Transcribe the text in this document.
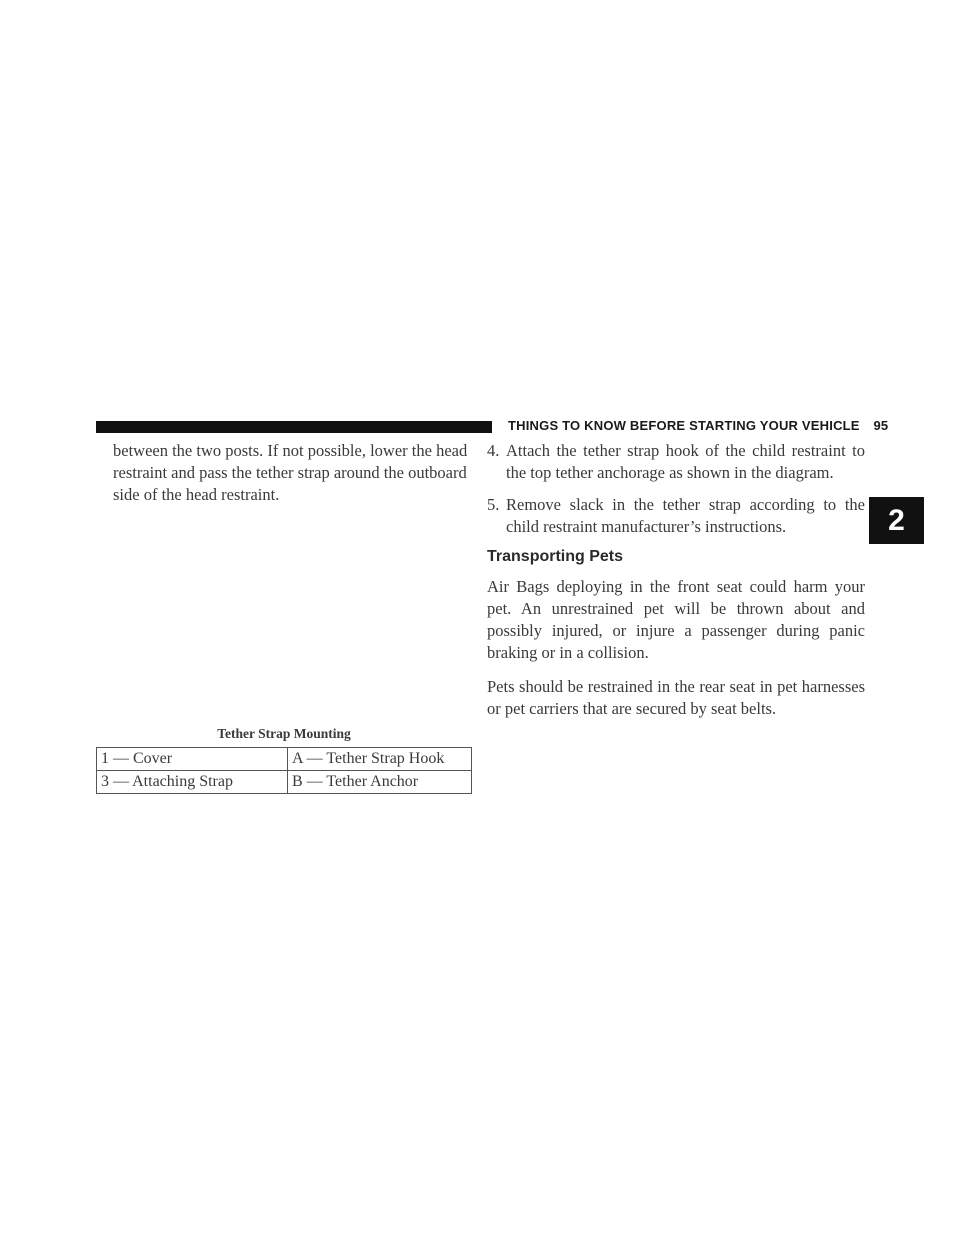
THINGS TO KNOW BEFORE STARTING YOUR VEHICLE 95
2

between the two posts. If not possible, lower the head restraint and pass the tether strap around the outboard side of the head restraint.

Tether Strap Mounting
1 — Cover	A — Tether Strap Hook
3 — Attaching Strap	B — Tether Anchor
4. Attach the tether strap hook of the child restraint to the top tether anchorage as shown in the diagram.
5. Remove slack in the tether strap according to the child restraint manufacturer’s instructions.
Transporting Pets

Air Bags deploying in the front seat could harm your pet. An unrestrained pet will be thrown about and possibly injured, or injure a passenger during panic braking or in a collision.

Pets should be restrained in the rear seat in pet harnesses or pet carriers that are secured by seat belts.
